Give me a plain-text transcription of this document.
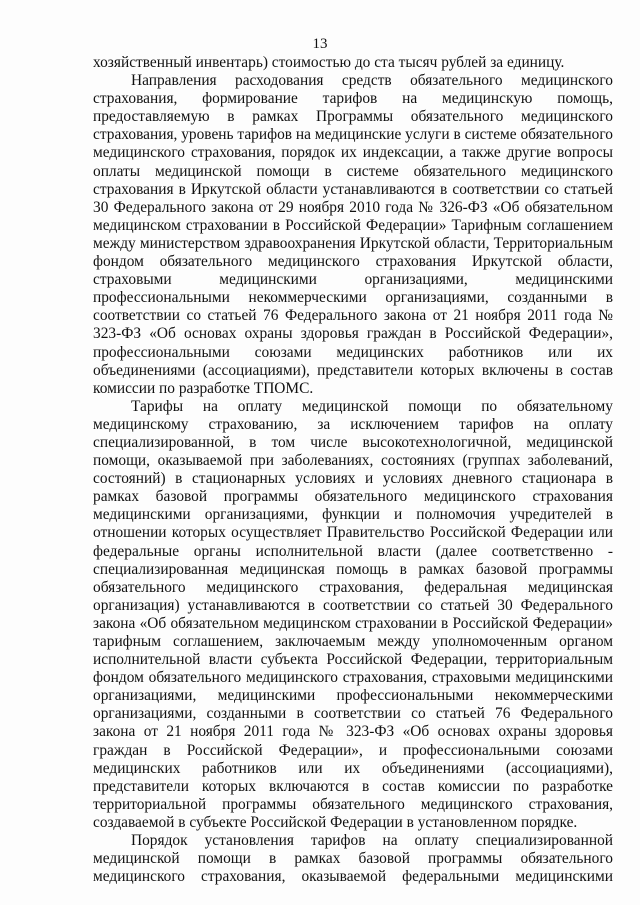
13

хозяйственный инвентарь) стоимостью до ста тысяч рублей за единицу.

Направления расходования средств обязательного медицинского страхования, формирование тарифов на медицинскую помощь, предоставляемую в рамках Программы обязательного медицинского страхования, уровень тарифов на медицинские услуги в системе обязательного медицинского страхования, порядок их индексации, а также другие вопросы оплаты медицинской помощи в системе обязательного медицинского страхования в Иркутской области устанавливаются в соответствии со статьей 30 Федерального закона от 29 ноября 2010 года № 326-ФЗ «Об обязательном медицинском страховании в Российской Федерации» Тарифным соглашением между министерством здравоохранения Иркутской области, Территориальным фондом обязательного медицинского страхования Иркутской области, страховыми медицинскими организациями, медицинскими профессиональными некоммерческими организациями, созданными в соответствии со статьей 76 Федерального закона от 21 ноября 2011 года № 323-ФЗ «Об основах охраны здоровья граждан в Российской Федерации», профессиональными союзами медицинских работников или их объединениями (ассоциациями), представители которых включены в состав комиссии по разработке ТПОМС.

Тарифы на оплату медицинской помощи по обязательному медицинскому страхованию, за исключением тарифов на оплату специализированной, в том числе высокотехнологичной, медицинской помощи, оказываемой при заболеваниях, состояниях (группах заболеваний, состояний) в стационарных условиях и условиях дневного стационара в рамках базовой программы обязательного медицинского страхования медицинскими организациями, функции и полномочия учредителей в отношении которых осуществляет Правительство Российской Федерации или федеральные органы исполнительной власти (далее соответственно - специализированная медицинская помощь в рамках базовой программы обязательного медицинского страхования, федеральная медицинская организация) устанавливаются в соответствии со статьей 30 Федерального закона «Об обязательном медицинском страховании в Российской Федерации» тарифным соглашением, заключаемым между уполномоченным органом исполнительной власти субъекта Российской Федерации, территориальным фондом обязательного медицинского страхования, страховыми медицинскими организациями, медицинскими профессиональными некоммерческими организациями, созданными в соответствии со статьей 76 Федерального закона от 21 ноября 2011 года № 323-ФЗ «Об основах охраны здоровья граждан в Российской Федерации», и профессиональными союзами медицинских работников или их объединениями (ассоциациями), представители которых включаются в состав комиссии по разработке территориальной программы обязательного медицинского страхования, создаваемой в субъекте Российской Федерации в установленном порядке.

Порядок установления тарифов на оплату специализированной медицинской помощи в рамках базовой программы обязательного медицинского страхования, оказываемой федеральными медицинскими
